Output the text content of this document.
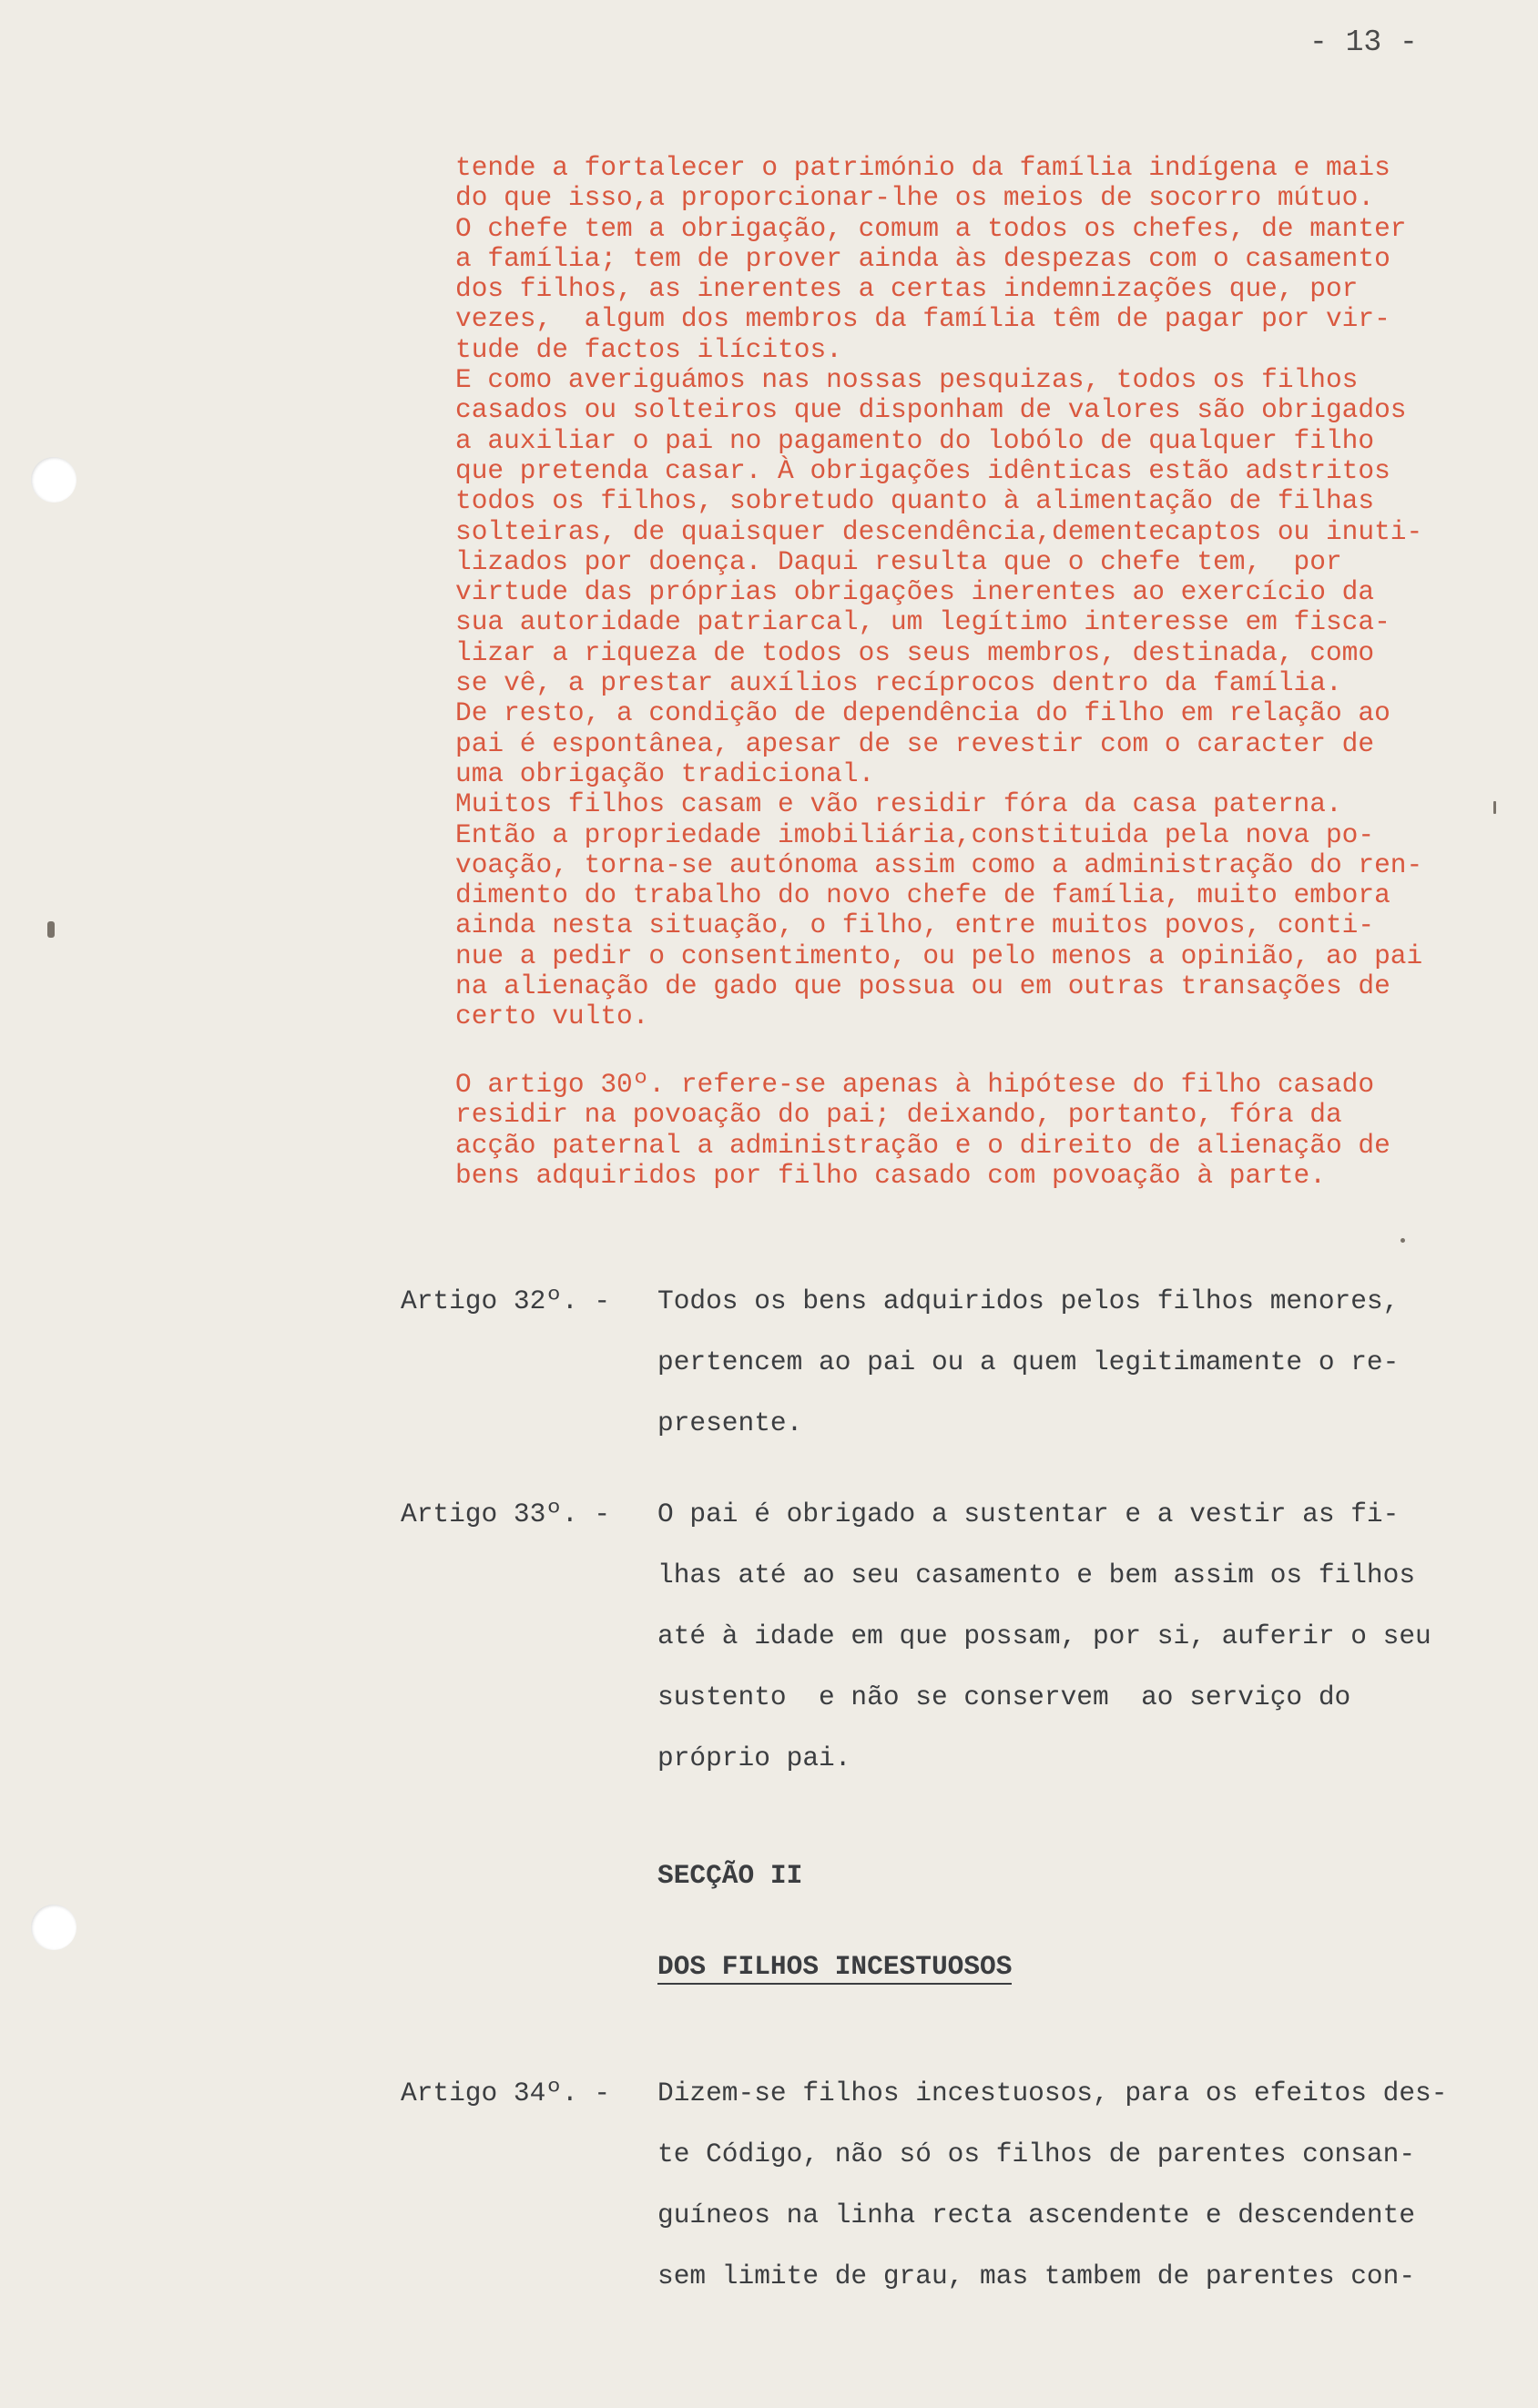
- 13 -
tende a fortalecer o património da família indígena e mais
do que isso,a proporcionar-lhe os meios de socorro mútuo.
O chefe tem a obrigação, comum a todos os chefes, de manter
a família; tem de prover ainda às despezas com o casamento
dos filhos, as inerentes a certas indemnizações que, por
vezes,  algum dos membros da família têm de pagar por vir-
tude de factos ilícitos.
E como averiguámos nas nossas pesquizas, todos os filhos
casados ou solteiros que disponham de valores são obrigados
a auxiliar o pai no pagamento do lobólo de qualquer filho
que pretenda casar. À obrigações idênticas estão adstritos
todos os filhos, sobretudo quanto à alimentação de filhas
solteiras, de quaisquer descendência,dementecaptos ou inuti-
lizados por doença. Daqui resulta que o chefe tem,  por
virtude das próprias obrigações inerentes ao exercício da
sua autoridade patriarcal, um legítimo interesse em fisca-
lizar a riqueza de todos os seus membros, destinada, como
se vê, a prestar auxílios recíprocos dentro da família.
De resto, a condição de dependência do filho em relação ao
pai é espontânea, apesar de se revestir com o caracter de
uma obrigação tradicional.
Muitos filhos casam e vão residir fóra da casa paterna.
Então a propriedade imobiliária,constituida pela nova po-
voação, torna-se autónoma assim como a administração do ren-
dimento do trabalho do novo chefe de família, muito embora
ainda nesta situação, o filho, entre muitos povos, conti-
nue a pedir o consentimento, ou pelo menos a opinião, ao pai
na alienação de gado que possua ou em outras transações de
certo vulto.
O artigo 30º. refere-se apenas à hipótese do filho casado
residir na povoação do pai; deixando, portanto, fóra da
acção paternal a administração e o direito de alienação de
bens adquiridos por filho casado com povoação à parte.
Artigo 32º. - Todos os bens adquiridos pelos filhos menores,
pertencem ao pai ou a quem legitimamente o re-
presente.
Artigo 33º. - O pai é obrigado a sustentar e a vestir as fi-
lhas até ao seu casamento e bem assim os filhos
até à idade em que possam, por si, auferir o seu
sustento  e não se conservem  ao serviço do
próprio pai.
SECÇÃO II
DOS FILHOS INCESTUOSOS
Artigo 34º. - Dizem-se filhos incestuosos, para os efeitos des-
te Código, não só os filhos de parentes consan-
guíneos na linha recta ascendente e descendente
sem limite de grau, mas tambem de parentes con-
